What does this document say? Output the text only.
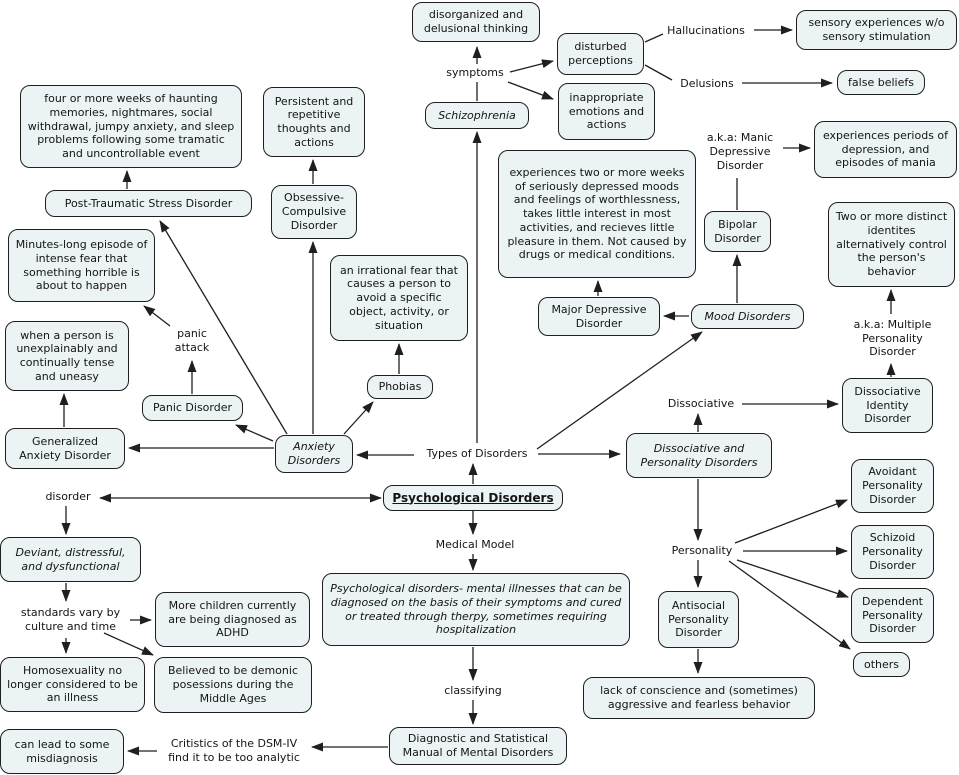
disorganized and delusional thinking
symptoms
disturbed perceptions
Hallucinations
sensory experiences w/o sensory stimulation
Delusions	false beliefs
inappropriate emotions and actions
Schizophrenia
four or more weeks of haunting memories, nightmares, social withdrawal, jumpy anxiety, and sleep problems following some tramatic and uncontrollable event
Persistent and repetitive thoughts and actions
Post-Traumatic Stress Disorder	Obsessive-Compulsive Disorder
Minutes-long episode of intense fear that something horrible is about to happen
panic attack
when a person is unexplainably and continually tense and uneasy
Panic Disorder
an irrational fear that causes a person to avoid a specific object, activity, or situation
Phobias
Generalized Anxiety Disorder
Anxiety Disorders
Types of Disorders
Psychological Disorders
experiences two or more weeks of seriously depressed moods and feelings of worthlessness, takes little interest in most activities, and recieves little pleasure in them. Not caused by drugs or medical conditions.
a.k.a: Manic Depressive Disorder
experiences periods of depression, and episodes of mania
Bipolar Disorder
Two or more distinct identites alternatively control the person's behavior
Major Depressive Disorder
Mood Disorders
a.k.a: Multiple Personality Disorder
Dissociative
Dissociative Identity Disorder
Dissociative and Personality Disorders
Personality
Avoidant Personality Disorder
Schizoid Personality Disorder
Dependent Personality Disorder
others
Antisocial Personality Disorder
lack of conscience and (sometimes) aggressive and fearless behavior
disorder
Deviant, distressful, and dysfunctional
standards vary by culture and time
More children currently are being diagnosed as ADHD
Homosexuality no longer considered to be an illness
Believed to be demonic posessions during the Middle Ages
can lead to some misdiagnosis
Critistics of the DSM-IV find it to be too analytic
Medical Model
Psychological disorders- mental illnesses that can be diagnosed on the basis of their symptoms and cured or treated through therpy, sometimes requiring hospitalization
classifying
Diagnostic and Statistical Manual of Mental Disorders
